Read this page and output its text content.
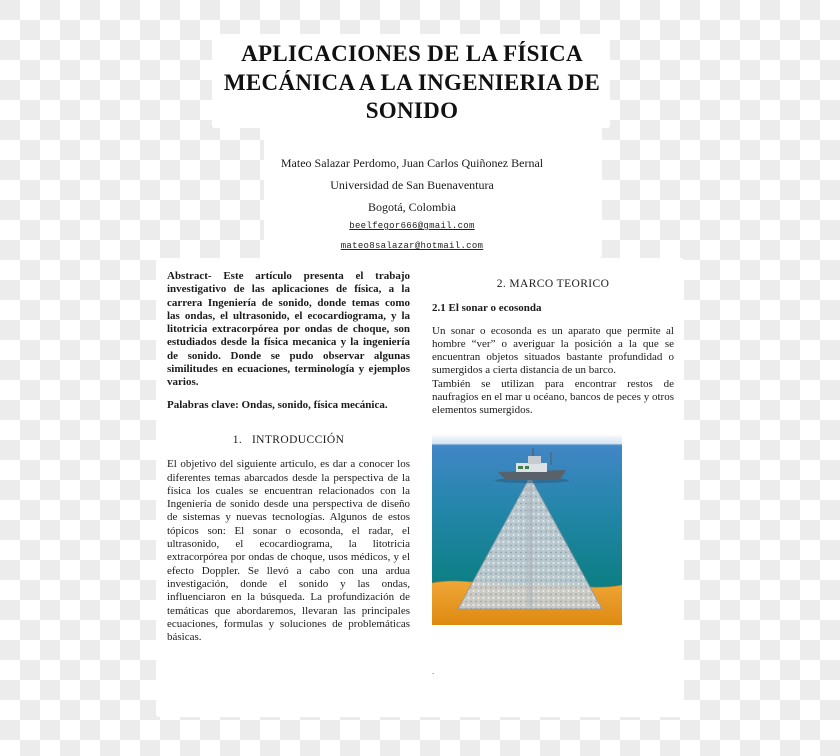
APLICACIONES DE LA FÍSICA
MECÁNICA A LA INGENIERIA DE
SONIDO
Mateo Salazar Perdomo, Juan Carlos Quiñonez Bernal
Universidad de San Buenaventura
Bogotá, Colombia
beelfegor666@gmail.com
mateo8salazar@hotmail.com

Abstract- Este artículo presenta el trabajo investigativo de las aplicaciones de física, a la carrera Ingeniería de sonido, donde temas como las ondas, el ultrasonido, el ecocardiograma, y la litotricia extracorpórea por ondas de choque, son estudiados desde la física mecanica y la ingeniería de sonido. Donde se pudo observar algunas similitudes en ecuaciones, terminología y ejemplos varios.

Palabras clave: Ondas, sonido, física mecánica.

1.   INTRODUCCIÓN

El objetivo del siguiente articulo, es dar a conocer los diferentes temas abarcados desde la perspectiva de la física los cuales se encuentran relacionados con la Ingeniería de sonido desde una perspectiva de diseño de sistemas y nuevas tecnologías. Algunos de estos tópicos son: El sonar o ecosonda, el radar, el ultrasonido, el ecocardiograma, la litotricia extracorpórea por ondas de choque, usos médicos, y el efecto Doppler. Se llevó a cabo con una ardua investigación, donde el sonido y las ondas, influenciaron en la búsqueda. La profundización de temáticas que abordaremos, llevaran las principales ecuaciones, formulas y soluciones de problemáticas básicas.

2. MARCO TEORICO
2.1 El sonar o ecosonda

Un sonar o ecosonda es un aparato que permite al hombre “ver” o averiguar la posición a la que se encuentran objetos situados bastante profundidad o sumergidos a cierta distancia de un barco.

También se utilizan para encontrar restos de naufragios en el mar u océano, bancos de peces y otros elementos sumergidos.

.
